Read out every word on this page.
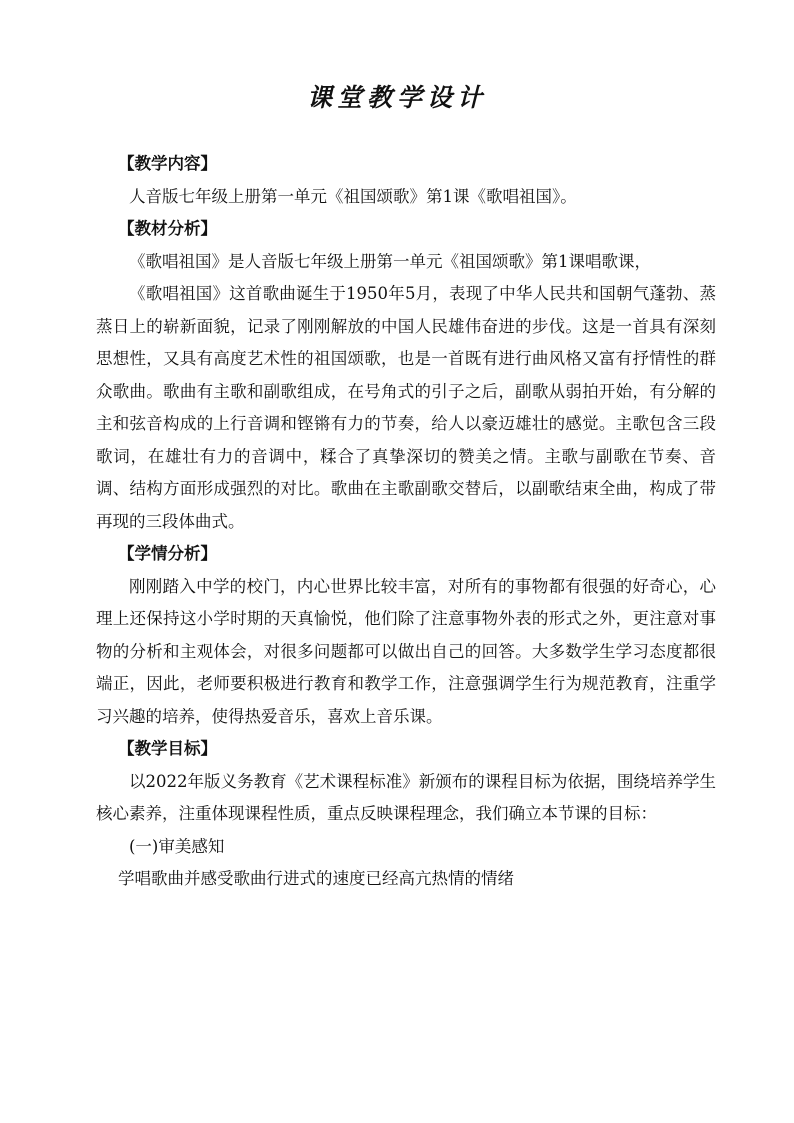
课堂教学设计
【教学内容】

人音版七年级上册第一单元《祖国颂歌》第1课《歌唱祖国》。

【教材分析】

《歌唱祖国》是人音版七年级上册第一单元《祖国颂歌》第1课唱歌课，

《歌唱祖国》这首歌曲诞生于1950年5月，表现了中华人民共和国朝气蓬勃、蒸蒸日上的崭新面貌，记录了刚刚解放的中国人民雄伟奋进的步伐。这是一首具有深刻思想性，又具有高度艺术性的祖国颂歌，也是一首既有进行曲风格又富有抒情性的群众歌曲。歌曲有主歌和副歌组成，在号角式的引子之后，副歌从弱拍开始，有分解的主和弦音构成的上行音调和铿锵有力的节奏，给人以豪迈雄壮的感觉。主歌包含三段歌词，在雄壮有力的音调中，糅合了真挚深切的赞美之情。主歌与副歌在节奏、音调、结构方面形成强烈的对比。歌曲在主歌副歌交替后，以副歌结束全曲，构成了带再现的三段体曲式。

【学情分析】

刚刚踏入中学的校门，内心世界比较丰富，对所有的事物都有很强的好奇心，心理上还保持这小学时期的天真愉悦，他们除了注意事物外表的形式之外，更注意对事物的分析和主观体会，对很多问题都可以做出自己的回答。大多数学生学习态度都很端正，因此，老师要积极进行教育和教学工作，注意强调学生行为规范教育，注重学习兴趣的培养，使得热爱音乐，喜欢上音乐课。

【教学目标】

以2022年版义务教育《艺术课程标准》新颁布的课程目标为依据，围绕培养学生核心素养，注重体现课程性质，重点反映课程理念，我们确立本节课的目标：

(一)审美感知

学唱歌曲并感受歌曲行进式的速度已经高亢热情的情绪
